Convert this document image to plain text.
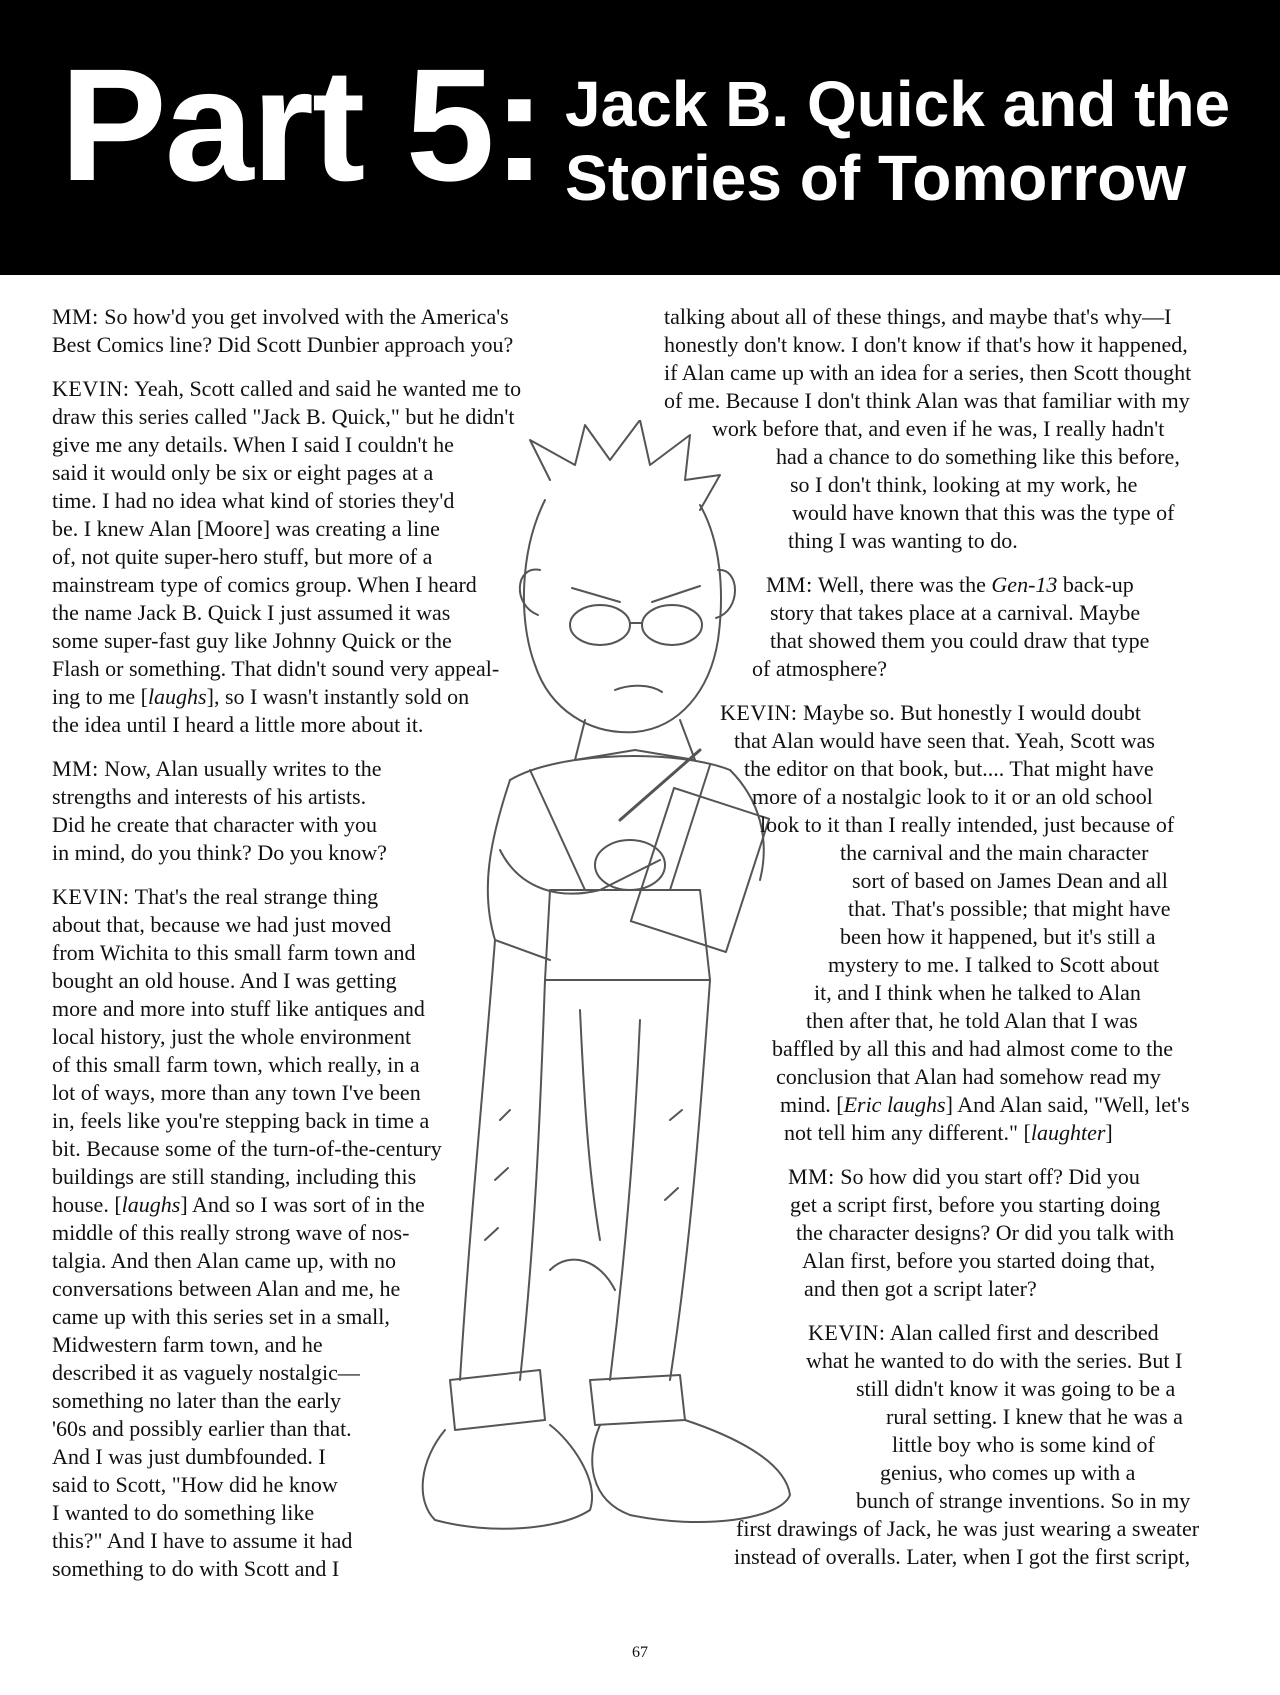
Part 5: Jack B. Quick and the
Stories of Tomorrow

MM: So how'd you get involved with the America's
Best Comics line? Did Scott Dunbier approach you?

KEVIN: Yeah, Scott called and said he wanted me to
draw this series called "Jack B. Quick," but he didn't
give me any details. When I said I couldn't he
said it would only be six or eight pages at a
time. I had no idea what kind of stories they'd
be. I knew Alan [Moore] was creating a line
of, not quite super-hero stuff, but more of a
mainstream type of comics group. When I heard
the name Jack B. Quick I just assumed it was
some super-fast guy like Johnny Quick or the
Flash or something. That didn't sound very appeal-
ing to me [laughs], so I wasn't instantly sold on
the idea until I heard a little more about it.

MM: Now, Alan usually writes to the
strengths and interests of his artists.
Did he create that character with you
in mind, do you think? Do you know?

KEVIN: That's the real strange thing
about that, because we had just moved
from Wichita to this small farm town and
bought an old house. And I was getting
more and more into stuff like antiques and
local history, just the whole environment
of this small farm town, which really, in a
lot of ways, more than any town I've been
in, feels like you're stepping back in time a
bit. Because some of the turn-of-the-century
buildings are still standing, including this
house. [laughs] And so I was sort of in the
middle of this really strong wave of nos-
talgia. And then Alan came up, with no
conversations between Alan and me, he
came up with this series set in a small,
Midwestern farm town, and he
described it as vaguely nostalgic—
something no later than the early
'60s and possibly earlier than that.
And I was just dumbfounded. I
said to Scott, "How did he know
I wanted to do something like
this?" And I have to assume it had
something to do with Scott and I

talking about all of these things, and maybe that's why—I
honestly don't know. I don't know if that's how it happened,
if Alan came up with an idea for a series, then Scott thought
of me. Because I don't think Alan was that familiar with my
work before that, and even if he was, I really hadn't
had a chance to do something like this before,
so I don't think, looking at my work, he
would have known that this was the type of
thing I was wanting to do.

MM: Well, there was the Gen-13 back-up
story that takes place at a carnival. Maybe
that showed them you could draw that type
of atmosphere?

KEVIN: Maybe so. But honestly I would doubt
that Alan would have seen that. Yeah, Scott was
the editor on that book, but.... That might have
more of a nostalgic look to it or an old school
look to it than I really intended, just because of
the carnival and the main character
sort of based on James Dean and all
that. That's possible; that might have
been how it happened, but it's still a
mystery to me. I talked to Scott about
it, and I think when he talked to Alan
then after that, he told Alan that I was
baffled by all this and had almost come to the
conclusion that Alan had somehow read my
mind. [Eric laughs] And Alan said, "Well, let's
not tell him any different." [laughter]

MM: So how did you start off? Did you
get a script first, before you starting doing
the character designs? Or did you talk with
Alan first, before you started doing that,
and then got a script later?

KEVIN: Alan called first and described
what he wanted to do with the series. But I
still didn't know it was going to be a
rural setting. I knew that he was a
little boy who is some kind of
genius, who comes up with a
bunch of strange inventions. So in my
first drawings of Jack, he was just wearing a sweater
instead of overalls. Later, when I got the first script,

67
